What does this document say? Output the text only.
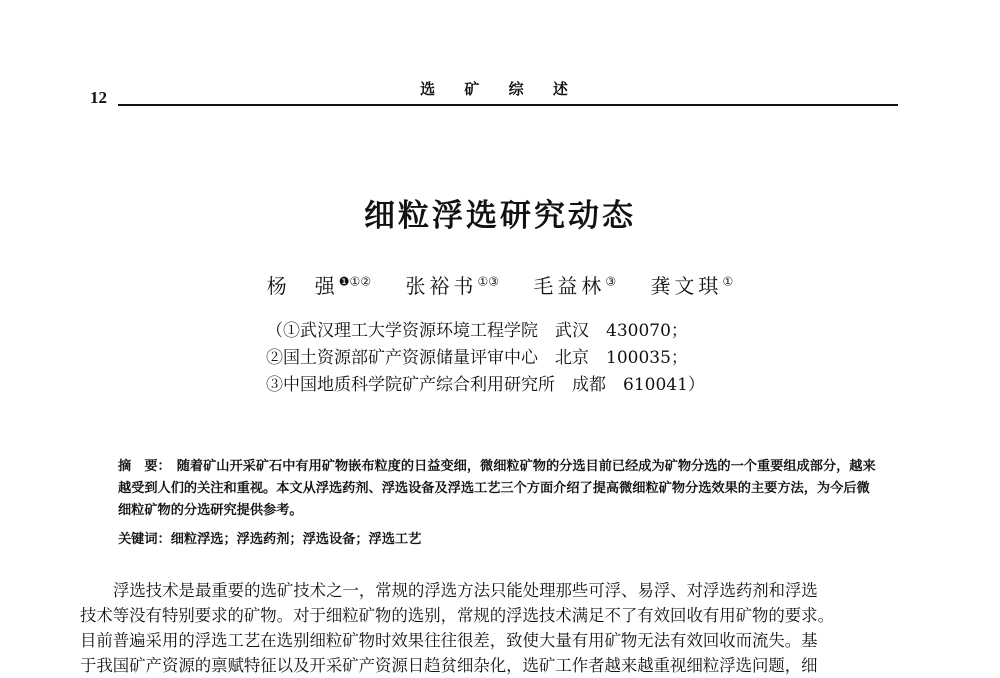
12	选 矿 综 述
细粒浮选研究动态
杨　强$^{❶①②}$ 张裕书①③ 毛益林③ 龚文琪①
（①武汉理工大学资源环境工程学院　武汉　430070；
②国土资源部矿产资源储量评审中心　北京　100035；
③中国地质科学院矿产综合利用研究所　成都　610041）
摘　要： 随着矿山开采矿石中有用矿物嵌布粒度的日益变细，微细粒矿物的分选目前已经成为矿物分选的一个重要组成部分，越来越受到人们的关注和重视。本文从浮选药剂、浮选设备及浮选工艺三个方面介绍了提高微细粒矿物分选效果的主要方法，为今后微细粒矿物的分选研究提供参考。
关键词：细粒浮选；浮选药剂；浮选设备；浮选工艺
浮选技术是最重要的选矿技术之一，常规的浮选方法只能处理那些可浮、易浮、对浮选药剂和浮选
技术等没有特别要求的矿物。对于细粒矿物的选别，常规的浮选技术满足不了有效回收有用矿物的要求。
目前普遍采用的浮选工艺在选别细粒矿物时效果往往很差，致使大量有用矿物无法有效回收而流失。基
于我国矿产资源的禀赋特征以及开采矿产资源日趋贫细杂化，选矿工作者越来越重视细粒浮选问题，细
